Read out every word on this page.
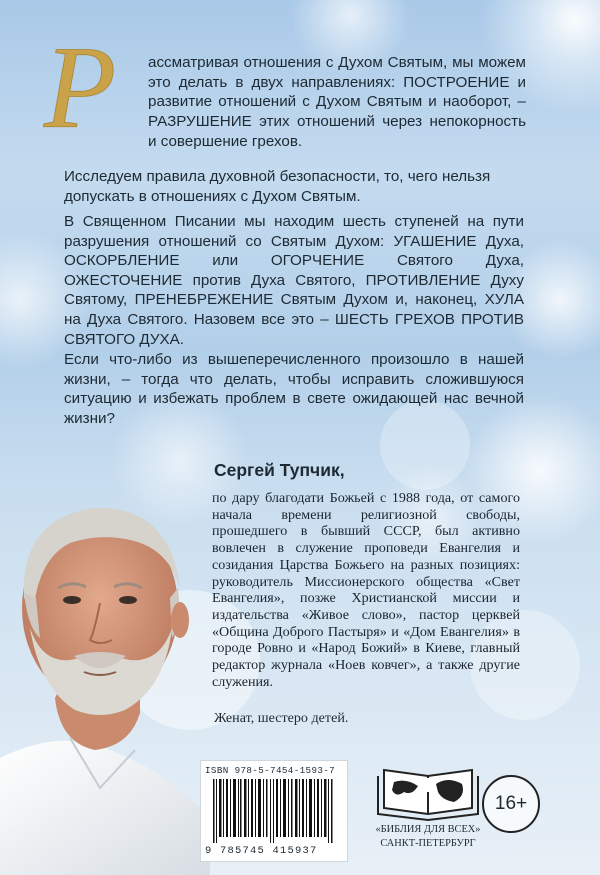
Р ассматривая отношения с Духом Святым, мы можем это делать в двух направлениях: ПОСТРОЕНИЕ и развитие отношений с Духом Святым и наоборот, – РАЗРУШЕНИЕ этих отношений через непокорность и совершение грехов.

Исследуем правила духовной безопасности, то, чего нельзя допускать в отношениях с Духом Святым.

В Священном Писании мы находим шесть ступеней на пути разрушения отношений со Святым Духом: УГАШЕНИЕ Духа, ОСКОРБЛЕНИЕ или ОГОРЧЕНИЕ Святого Духа, ОЖЕСТОЧЕНИЕ против Духа Святого, ПРОТИВЛЕНИЕ Духу Святому, ПРЕНЕБРЕЖЕНИЕ Святым Духом и, наконец, ХУЛА на Духа Святого. Назовем все это – ШЕСТЬ ГРЕХОВ ПРОТИВ СВЯТОГО ДУХА.

Если что-либо из вышеперечисленного произошло в нашей жизни, – тогда что делать, чтобы исправить сложившуюся ситуацию и избежать проблем в свете ожидающей нас вечной жизни?

Сергей Тупчик,

по дару благодати Божьей с 1988 года, от самого начала времени религиозной свободы, прошедшего в бывший СССР, был активно вовлечен в служение проповеди Евангелия и созидания Царства Божьего на разных позициях: руководитель Миссионерского общества «Свет Евангелия», позже Христианской миссии и издательства «Живое слово», пастор церквей «Община Доброго Пастыря» и «Дом Евангелия» в городе Ровно и «Народ Божий» в Киеве, главный редактор журнала «Ноев ковчег», а также другие служения.

Женат, шестеро детей.

ISBN 978-5-7454-1593-7
9 785745 415937
«БИБЛИЯ ДЛЯ ВСЕХ»
САНКТ-ПЕТЕРБУРГ
16+
